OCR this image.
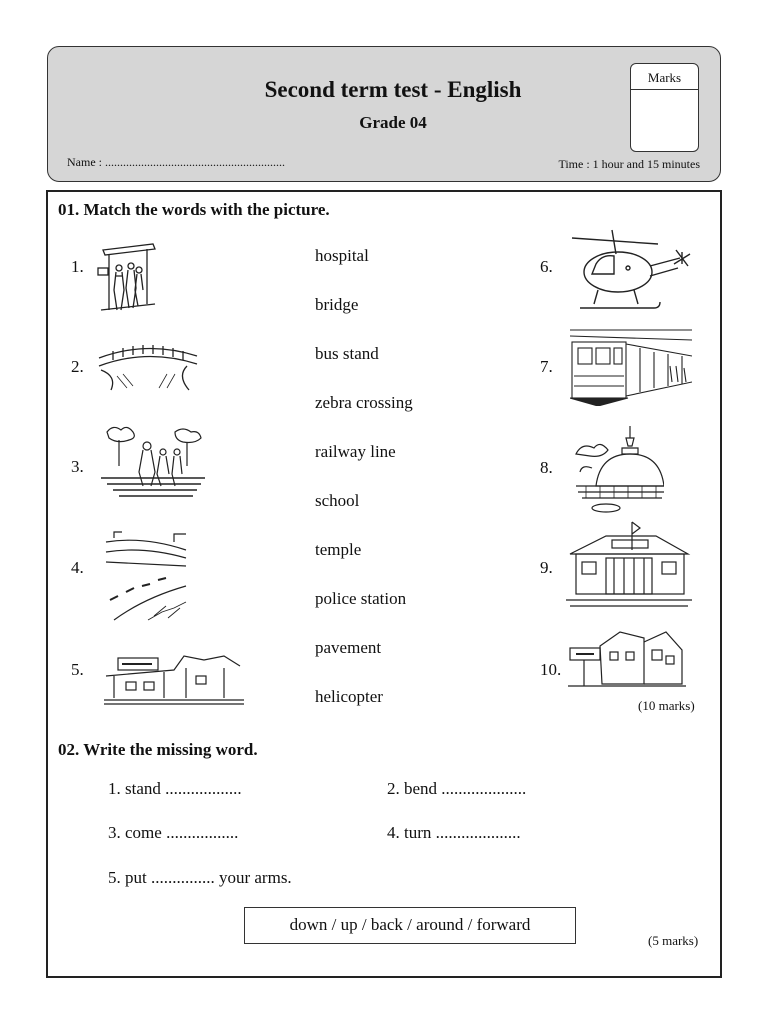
Second term test - English
Grade 04
Name : ............................................................	Time : 1 hour and 15 minutes
Marks
01. Match the words with the picture.
1.
2.
3.
4.
5.
6.
7.
8.
9.
10.
hospital
bridge
bus stand
zebra crossing
railway line
school
temple
police station
pavement
helicopter	(10 marks)
02. Write the missing word.
1. stand ..................	2. bend ....................
3. come .................	4. turn ....................
5. put ............... your arms.
down / up / back / around / forward
(5 marks)
